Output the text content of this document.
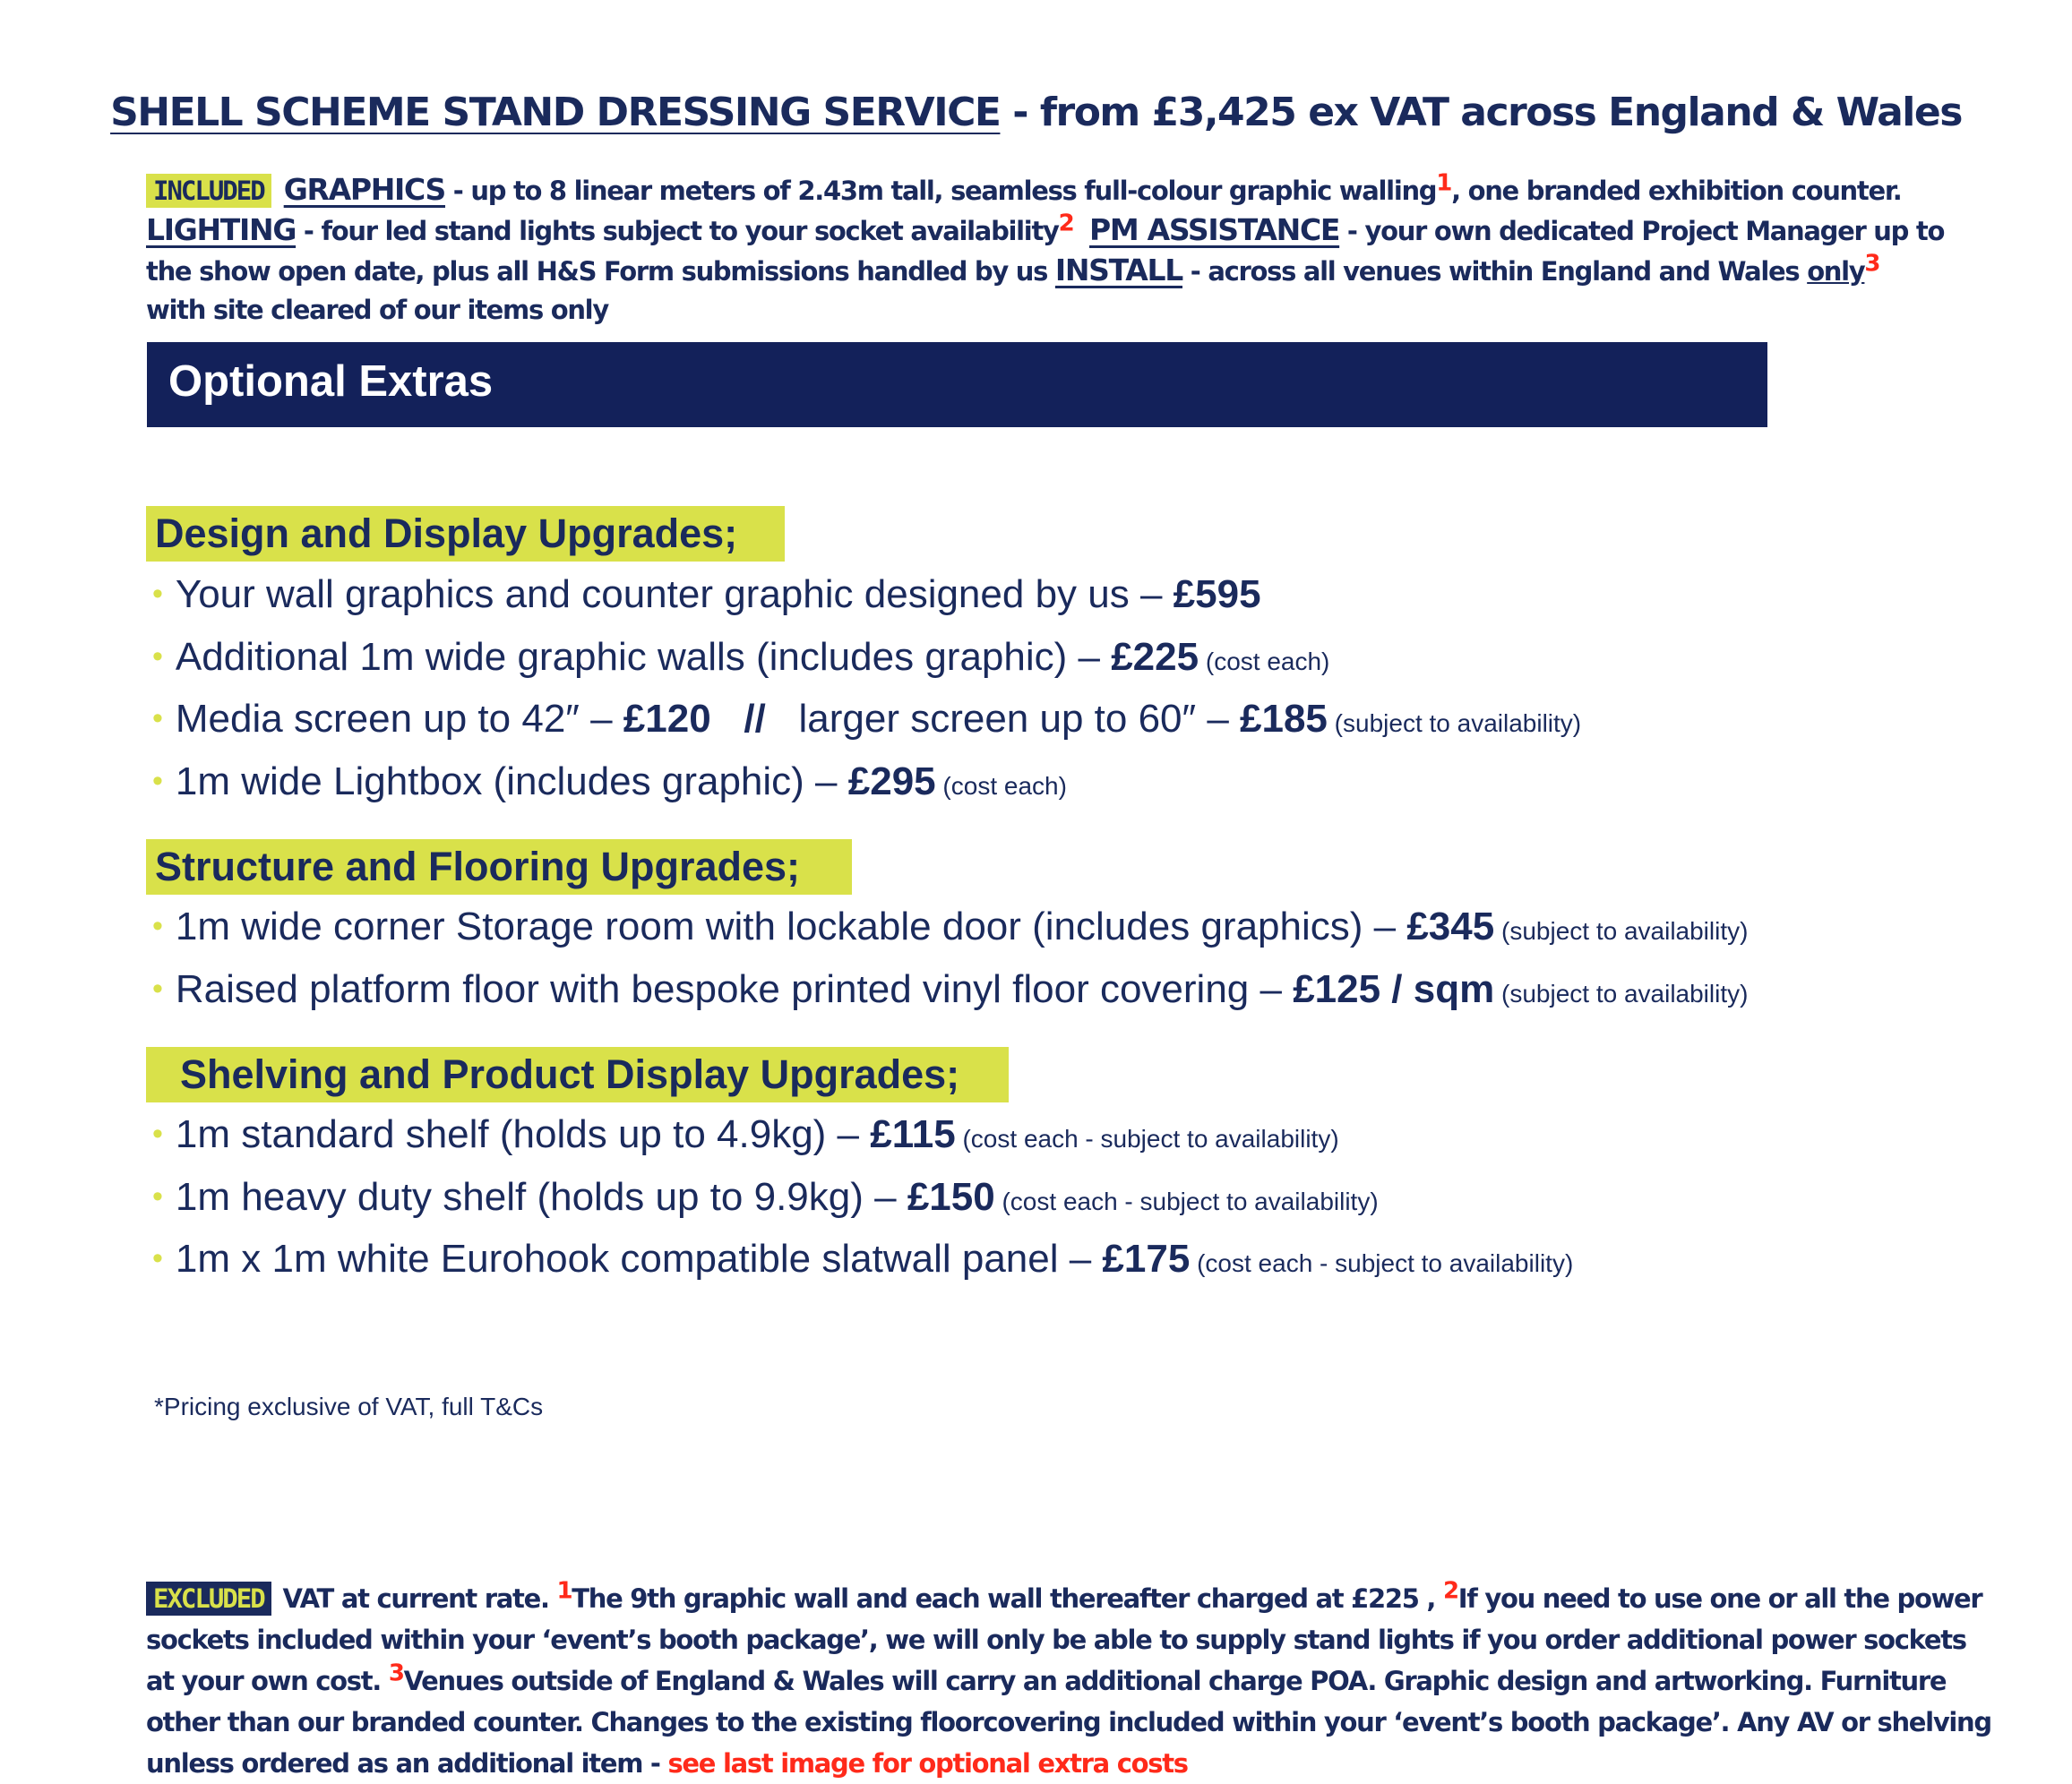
SHELL SCHEME STAND DRESSING SERVICE - from £3,425 ex VAT across England & Wales
INCLUDED GRAPHICS - up to 8 linear meters of 2.43m tall, seamless full-colour graphic walling1, one branded exhibition counter. LIGHTING - four led stand lights subject to your socket availability2 PM ASSISTANCE - your own dedicated Project Manager up to the show open date, plus all H&S Form submissions handled by us INSTALL - across all venues within England and Wales only3 with site cleared of our items only
Optional Extras
Design and Display Upgrades;
• Your wall graphics and counter graphic designed by us – £595
• Additional 1m wide graphic walls (includes graphic) – £225 (cost each)
• Media screen up to 42″ – £120   //   larger screen up to 60″ – £185 (subject to availability)
• 1m wide Lightbox (includes graphic) – £295 (cost each)
Structure and Flooring Upgrades;
• 1m wide corner Storage room with lockable door (includes graphics) – £345 (subject to availability)
• Raised platform floor with bespoke printed vinyl floor covering – £125 / sqm (subject to availability)
Shelving and Product Display Upgrades;
• 1m standard shelf (holds up to 4.9kg) – £115 (cost each - subject to availability)
• 1m heavy duty shelf (holds up to 9.9kg) – £150 (cost each - subject to availability)
• 1m x 1m white Eurohook compatible slatwall panel – £175 (cost each - subject to availability)
*Pricing exclusive of VAT, full T&Cs
EXCLUDED VAT at current rate. 1The 9th graphic wall and each wall thereafter charged at £225 , 2If you need to use one or all the power sockets included within your ‘event’s booth package’, we will only be able to supply stand lights if you order additional power sockets at your own cost. 3Venues outside of England & Wales will carry an additional charge POA. Graphic design and artworking. Furniture other than our branded counter. Changes to the existing floorcovering included within your ‘event’s booth package’. Any AV or shelving unless ordered as an additional item - see last image for optional extra costs
